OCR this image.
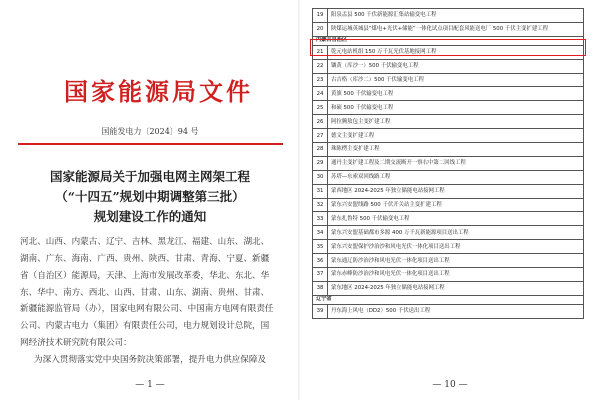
国家能源局文件
国能发电力〔2024〕94 号
国家能源局关于加强电网主网架工程
（“十四五”规划中期调整第三批）
规划建设工作的通知

河北、山西、内蒙古、辽宁、吉林、黑龙江、福建、山东、湖北、

湖南、广东、海南、广西、贵州、陕西、甘肃、青海、宁夏、新疆

省（自治区）能源局，天津、上海市发展改革委，华北、东北、华

东、华中、南方、西北、山西、甘肃、山东、湖南、贵州、甘肃、

新疆能源监管局（办），国家电网有限公司、中国南方电网有限责任

公司、内蒙古电力（集团）有限责任公司，电力规划设计总院，国

网经济技术研究院有限公司：

为深入贯彻落实党中央国务院决策部署，提升电力供应保障及

— 1 —
19	阳泉盂县 500 千伏新能源汇集站输变电工程
20	陕煤运城英城县“煤电+光伏+储能”一体化试点项目配套风能送电厂 500 千伏主变扩建工程
内蒙古自治区	
21	乾元电站机组 150 万千瓦光伏基地接网工程
22	镶黄（库沙一）500 千伏输变电工程
23	古吉格（库沙二）500 千伏输变电工程
24	黄旗 500 千伏输变电工程
25	和硕 500 千伏输变电工程
26	阿拉腾敖包主变扩建工程
27	德文主变扩建工程
28	珠陈楞主变扩建工程
29	通丹主变扩建工程及二期交流断开一察右中第二回线工程
30	苏塔—东索双回线路工程
31	蒙西地区 2024-2025 年独立储能电站接网工程
32	蒙东兴安盟线路 500 千伏开关站主变扩建工程
33	蒙东扎鲁特 500 千伏输变电工程
34	蒙东兴安盟基础都市多源 400 万千瓦新能源项目送出工程
35	蒙东兴安盟保护沙治沙和风电光伏一体化项目送出工程
36	蒙东通辽防沙治沙和风电光伏一体化项目送出工程
37	蒙东赤峰防沙治沙和风电光伏一体化项目送出工程
38	蒙东地区 2024-2025 年独立储能电站接网工程
辽宁省	
39	丹东海上风电（DD2）500 千伏送出工程
— 10 —
